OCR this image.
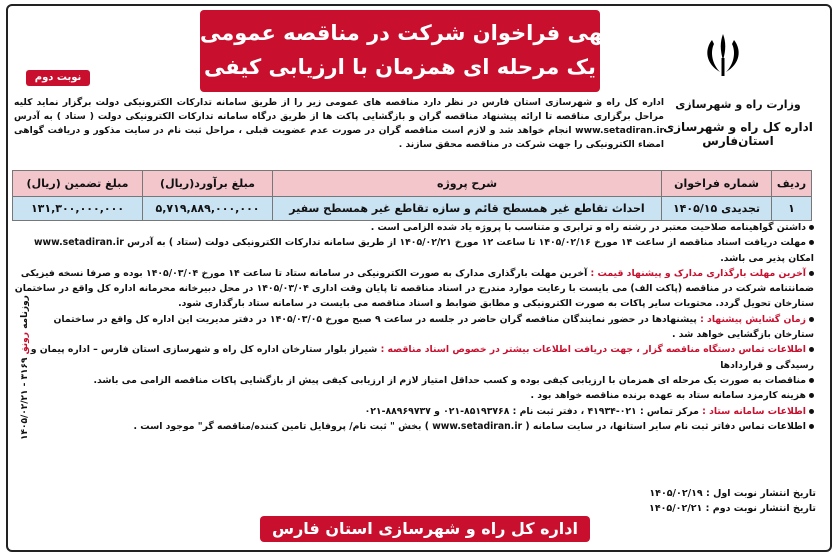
آگهی فراخوان شرکت در مناقصه عمومی
یک مرحله ای همزمان با ارزیابی کیفی
نوبت دوم
وزارت راه و شهرسازی
اداره کل راه و شهرسازی استان‌فارس
اداره کل راه و شهرسازی استان فارس در نظر دارد مناقصه های عمومی زیر را از طریق سامانه تدارکات الکترونیکی دولت برگزار نماید کلیه مراحل برگزاری مناقصه تا ارائه پیشنهاد مناقصه گران و بازگشایی پاکت ها از طریق درگاه سامانه تدارکات الکترونیکی دولت ( ستاد ) به آدرس www.setadiran.ir انجام خواهد شد و لازم است مناقصه گران در صورت عدم عضویت قبلی ، مراحل ثبت نام در سایت مذکور و دریافت گواهی امضاء الکترونیکی را جهت شرکت در مناقصه محقق سازند .
ردیف	شماره فراخوان	شرح پروژه	مبلغ برآورد(ریال)	مبلغ تضمین (ریال)
۱	تجدیدی ۱۴۰۵/۱۵	احداث تقاطع غیر همسطح قائم و سازه تقاطع غیر همسطح سفیر	۵,۷۱۹,۸۸۹,۰۰۰,۰۰۰	۱۳۱,۳۰۰,۰۰۰,۰۰۰

داشتن گواهینامه صلاحیت معتبر در رشته راه و ترابری و متناسب با پروژه یاد شده الزامی است .

مهلت دریافت اسناد مناقصه از ساعت ۱۴ مورخ ۱۴۰۵/۰۲/۱۶ تا ساعت ۱۲ مورخ ۱۴۰۵/۰۲/۲۱ از طریق سامانه تدارکات الکترونیکی دولت (ستاد ) به آدرس www.setadiran.ir امکان پذیر می باشد.

آخرین مهلت بارگذاری مدارک و پیشنهاد قیمت : آخرین مهلت بارگذاری مدارک به صورت الکترونیکی در سامانه ستاد تا ساعت ۱۴ مورخ ۱۴۰۵/۰۳/۰۴ بوده و صرفا نسخه فیزیکی ضمانتنامه شرکت در مناقصه (پاکت الف) می بایست با رعایت موارد مندرج در اسناد مناقصه تا پایان وقت اداری ۱۴۰۵/۰۳/۰۴ در محل دبیرخانه محرمانه اداره کل واقع در ساختمان ستارخان تحویل گردد. محتویات سایر پاکات به صورت الکترونیکی و مطابق ضوابط و اسناد مناقصه می بایست در سامانه ستاد بارگذاری شود.

زمان گشایش پیشنهاد : پیشنهادها در حضور نمایندگان مناقصه گران حاضر در جلسه در ساعت ۹ صبح مورخ ۱۴۰۵/۰۳/۰۵ در دفتر مدیریت این اداره کل واقع در ساختمان ستارخان بازگشایی خواهد شد .

اطلاعات تماس دستگاه مناقصه گزار ، جهت دریافت اطلاعات بیشتر در خصوص اسناد مناقصه : شیراز بلوار ستارخان اداره کل راه و شهرسازی استان فارس – اداره پیمان و رسیدگی و قراردادها

مناقصات به صورت یک مرحله ای همزمان با ارزیابی کیفی بوده و کسب حداقل امتیاز لازم از ارزیابی کیفی پیش از بازگشایی پاکات مناقصه الزامی می باشد.

هزینه کارمزد سامانه ستاد به عهده برنده مناقصه خواهد بود .

اطلاعات سامانه ستاد : مرکز تماس : ۰۲۱-۴۱۹۳۴ ، دفتر ثبت نام : ۸۵۱۹۳۷۶۸-۰۲۱ و ۸۸۹۶۹۷۳۷-۰۲۱

اطلاعات تماس دفاتر ثبت نام سایر استانها، در سایت سامانه ( www.setadiran.ir ) بخش " ثبت نام/ پروفایل تامین کننده/مناقصه گر" موجود است .

تاریخ انتشار نوبت اول : ۱۴۰۵/۰۲/۱۹
تاریخ انتشار نوبت دوم : ۱۴۰۵/۰۲/۲۱
اداره کل راه و شهرسازی استان فارس
روزنامه رونق ۳۱۶۹ - ۱۴۰۵/۰۲/۲۱
